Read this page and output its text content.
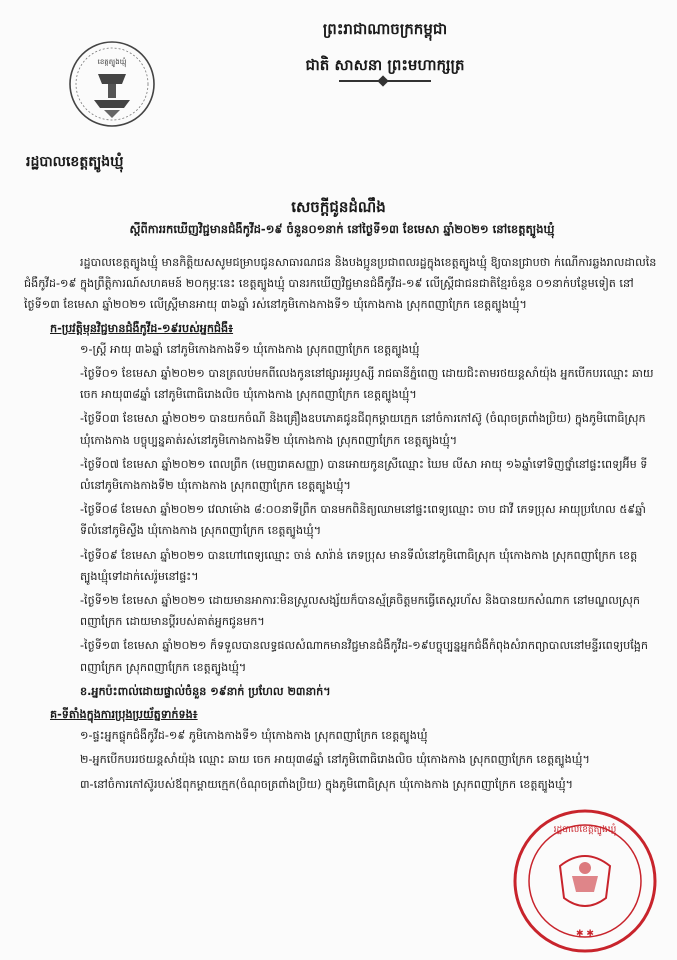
ព្រះរាជាណាចក្រកម្ពុជា
ជាតិ សាសនា ព្រះមហាក្សត្រ
ខេត្តត្បូងឃ្មុំ
រដ្ឋបាលខេត្តត្បូងឃ្មុំ
សេចក្តីជូនដំណឹង
ស្តីពីការរកឃើញវិជ្ជមានជំងឺកូវីដ-១៩ ចំនួន០១នាក់ នៅថ្ងៃទី១៣ ខែមេសា ឆ្នាំ២០២១ នៅខេត្តត្បូងឃ្មុំ

រដ្ឋបាលខេត្តត្បូងឃ្មុំ មានកិត្តិយសសូមជម្រាបជូនសាធារណជន និងបងប្អូនប្រជាពលរដ្ឋក្នុងខេត្តត្បូងឃ្មុំ ឱ្យបានជ្រាបថា ក់ណើការឆ្លងរាលដាលនៃជំងឺកូវីដ-១៩ ក្នុងព្រឹត្តិការណ៍សហគមន៍ ២០កុម្ភៈនេះ ខេត្តត្បូងឃ្មុំ បានរកឃើញវិជ្ជមានជំងឺកូវីដ-១៩ លើស្ត្រីជាជនជាតិខ្មែរចំនួន ០១នាក់បន្ថែមទៀត នៅថ្ងៃទី១៣ ខែមេសា ឆ្នាំ២០២១ លើស្ត្រីមានអាយុ ៣៦ឆ្នាំ រស់នៅភូមិកោងកាងទី១ ឃុំកោងកាង ស្រុកពញាក្រែក ខេត្តត្បូងឃ្មុំ។

ក-ប្រវត្តិមុនវិជ្ជមានជំងឺកូវីដ-១៩របស់អ្នកជំងឺ៖
១-ស្ត្រី អាយុ ៣៦ឆ្នាំ នៅភូមិកោងកាងទី១ ឃុំកោងកាង ស្រុកពញាក្រែក ខេត្តត្បូងឃ្មុំ
-ថ្ងៃទី០១ ខែមេសា ឆ្នាំ២០២១ បានត្រលប់មកពីលេងកូននៅផ្សារអូរឫស្សី រាជធានីភ្នំពេញ ដោយជិះតាមរថយន្តសាំយ៉ុង អ្នកបើកបរឈ្មោះ ឆាយ ចេក អាយុ៣៨ឆ្នាំ នៅភូមិពោធិរោងលិច ឃុំកោងកាង ស្រុកពញាក្រែក ខេត្តត្បូងឃ្មុំ។
-ថ្ងៃទី០៣ ខែមេសា ឆ្នាំ២០២១ បានយកចំណី និងគ្រឿងឧបភោគជូនជីពុកម្តាយក្មេក នៅចំការកៅស៊ូ (ចំណុចត្រពាំងប្រិយ) ក្នុងភូមិពោធិស្រុក ឃុំកោងកាង បច្ចុប្បន្នគាត់រស់នៅភូមិកោងកាងទី២ ឃុំកោងកាង ស្រុកពញាក្រែក ខេត្តត្បូងឃ្មុំ។
-ថ្ងៃទី០៧ ខែមេសា ឆ្នាំ២០២១ ពេលព្រឹក (មេញរោគសញ្ញា) បានអោយកូនស្រីឈ្មោះ ឃៃម លីសា អាយុ ១៦ឆ្នាំទៅទិញថ្នាំនៅផ្ទះពេទ្យអ៊ីម ទីលំនៅភូមិកោងកាងទី២ ឃុំកោងកាង ស្រុកពញាក្រែក ខេត្តត្បូងឃ្មុំ។
-ថ្ងៃទី០៨ ខែមេសា ឆ្នាំ២០២១ វេលាម៉ោង ៨:០០នាទីព្រឹក បានមកពិនិត្យឈាមនៅផ្ទះពេទ្យឈ្មោះ ចាប ជាវី ភេទប្រុស អាយុប្រហែល ៥៩ឆ្នាំ ទីលំនៅភូមិស្ទឹង ឃុំកោងកាង ស្រុកពញាក្រែក ខេត្តត្បូងឃ្មុំ។
-ថ្ងៃទី០៩ ខែមេសា ឆ្នាំ២០២១ បានហៅពេទ្យឈ្មោះ ចាន់ សារ៉ាន់ ភេទប្រុស មានទីលំនៅភូមិពោធិស្រុក ឃុំកោងកាង ស្រុកពញាក្រែក ខេត្តត្បូងឃ្មុំទៅដាក់សេរ៉ូមនៅផ្ទះ។
-ថ្ងៃទី១២ ខែមេសា ឆ្នាំ២០២១ ដោយមានអាការៈមិនស្រួលសង្ស័យក៏បានស្ម័គ្រចិត្តមកធ្វើតេស្តរហ័ស និងបានយកសំណាក នៅមណ្ឌលស្រុកពញាក្រែក ដោយមានប្តីរបស់គាត់អ្នកជូនមក។
-ថ្ងៃទី១៣ ខែមេសា ឆ្នាំ២០២១ ក៏ទទួលបានលទ្ធផលសំណាកមានវិជ្ជមានជំងឺកូវីដ-១៩បច្ចុប្បន្នអ្នកជំងឺកំពុងសំរាកព្យាបាលនៅមន្ទីរពេទ្យបង្អែកពញាក្រែក ស្រុកពញាក្រែក ខេត្តត្បូងឃ្មុំ។
ខ.អ្នកប៉ះពាល់ដោយផ្ទាល់ចំនួន ១៩នាក់ ប្រហែល ២៣នាក់។
គ-ទីតាំងក្នុងការប្រុងប្រយ័ត្នទាក់ទង៖
១-ផ្ទះអ្នកផ្ទុកជំងឺកូវីដ-១៩ ភូមិកោងកាងទី១ ឃុំកោងកាង ស្រុកពញាក្រែក ខេត្តត្បូងឃ្មុំ
២-អ្នកបើកបររថយន្តសាំយ៉ុង ឈ្មោះ ឆាយ ចេក អាយុ៣៨ឆ្នាំ នៅភូមិពោធិរោងលិច ឃុំកោងកាង ស្រុកពញាក្រែក ខេត្តត្បូងឃ្មុំ។
៣-នៅចំការកៅស៊ូរបស់ឪពុកម្តាយក្មេក(ចំណុចត្រពាំងប្រិយ) ក្នុងភូមិពោធិស្រុក ឃុំកោងកាង ស្រុកពញាក្រែក ខេត្តត្បូងឃ្មុំ។
រដ្ឋបាលខេត្តត្បូងឃ្មុំ
✱ ✱
